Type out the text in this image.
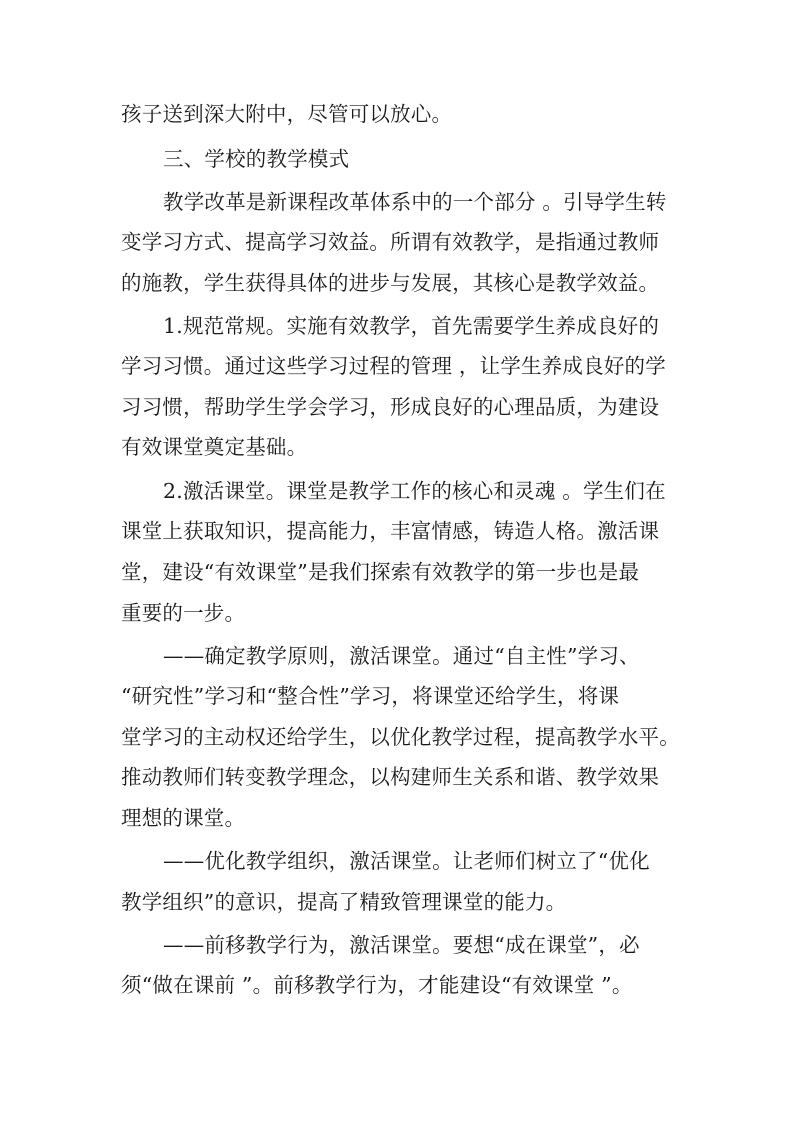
孩子送到深大附中，尽管可以放心。
三、学校的教学模式
教学改革是新课程改革体系中的一个部分 。引导学生转
变学习方式、提高学习效益。所谓有效教学，是指通过教师
的施教，学生获得具体的进步与发展，其核心是教学效益。
1.规范常规。实施有效教学，首先需要学生养成良好的
学习习惯。通过这些学习过程的管理 ，让学生养成良好的学
习习惯，帮助学生学会学习，形成良好的心理品质，为建设
有效课堂奠定基础。
2.激活课堂。课堂是教学工作的核心和灵魂 。学生们在
课堂上获取知识，提高能力，丰富情感，铸造人格。激活课
堂，建设“有效课堂”是我们探索有效教学的第一步也是最
重要的一步。
——确定教学原则，激活课堂。通过“自主性”学习、
“研究性”学习和“整合性”学习，将课堂还给学生，将课
堂学习的主动权还给学生，以优化教学过程，提高教学水平。
推动教师们转变教学理念，以构建师生关系和谐、教学效果
理想的课堂。
——优化教学组织，激活课堂。让老师们树立了“优化
教学组织”的意识，提高了精致管理课堂的能力。
——前移教学行为，激活课堂。要想“成在课堂”，必
须“做在课前 ”。前移教学行为，才能建设“有效课堂 ”。
